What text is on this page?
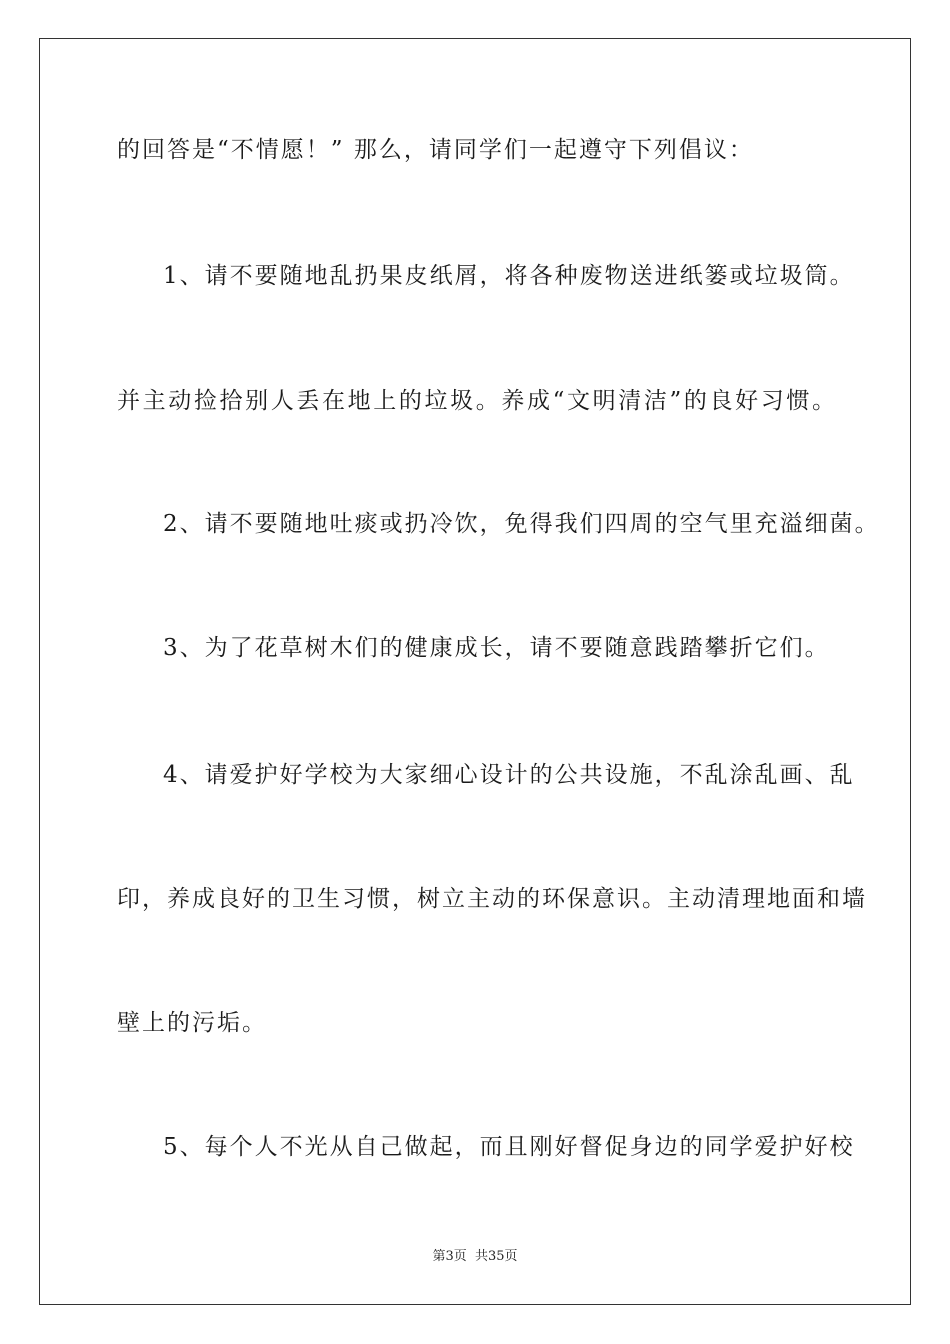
的回答是“不情愿！” 那么，请同学们一起遵守下列倡议：
1、请不要随地乱扔果皮纸屑，将各种废物送进纸篓或垃圾筒。
并主动捡拾别人丢在地上的垃圾。养成“文明清洁”的良好习惯。
2、请不要随地吐痰或扔冷饮，免得我们四周的空气里充溢细菌。
3、为了花草树木们的健康成长，请不要随意践踏攀折它们。
4、请爱护好学校为大家细心设计的公共设施，不乱涂乱画、乱
印，养成良好的卫生习惯，树立主动的环保意识。主动清理地面和墙
壁上的污垢。
5、每个人不光从自己做起，而且刚好督促身边的同学爱护好校
第3页  共35页
